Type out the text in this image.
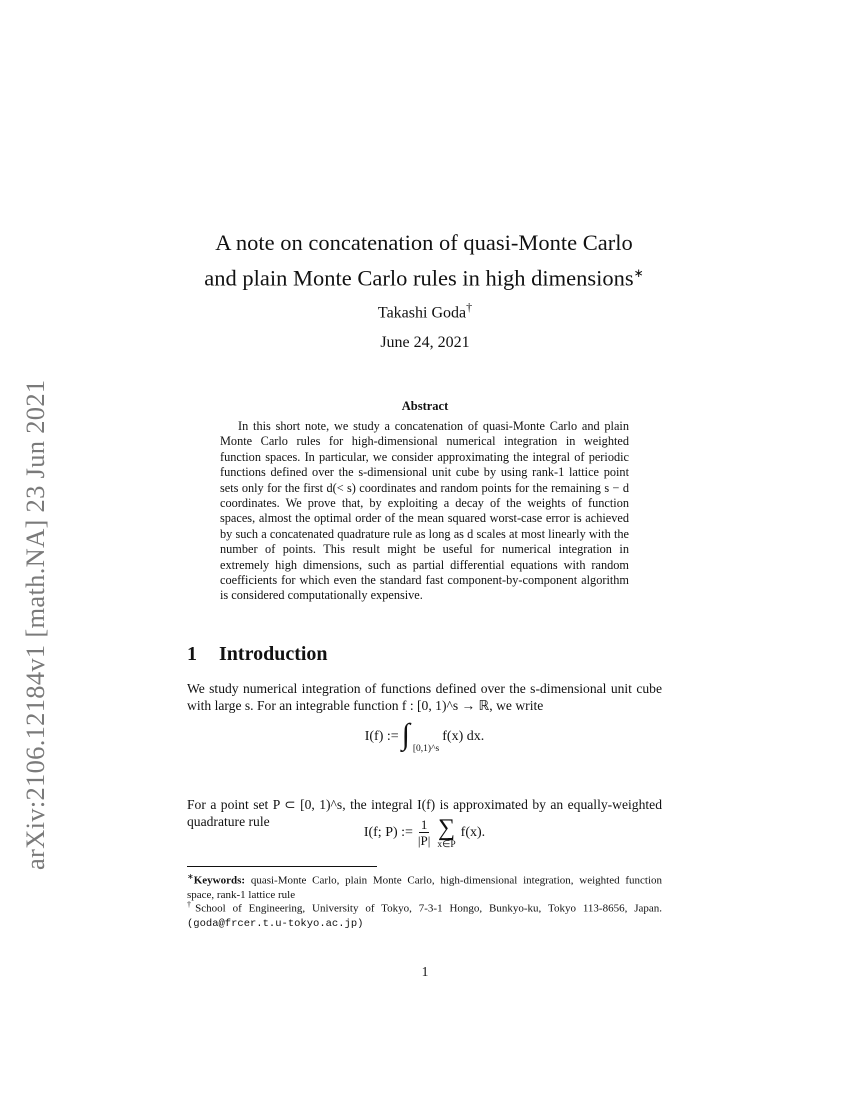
arXiv:2106.12184v1 [math.NA] 23 Jun 2021
A note on concatenation of quasi-Monte Carlo
and plain Monte Carlo rules in high dimensions∗
Takashi Goda†
June 24, 2021
Abstract
In this short note, we study a concatenation of quasi-Monte Carlo and plain Monte Carlo rules for high-dimensional numerical integration in weighted function spaces. In particular, we consider approximating the integral of periodic functions defined over the s-dimensional unit cube by using rank-1 lattice point sets only for the first d(< s) coordinates and random points for the remaining s − d coordinates. We prove that, by exploiting a decay of the weights of function spaces, almost the optimal order of the mean squared worst-case error is achieved by such a concatenated quadrature rule as long as d scales at most linearly with the number of points. This result might be useful for numerical integration in extremely high dimensions, such as partial differential equations with random coefficients for which even the standard fast component-by-component algorithm is considered computationally expensive.
1 Introduction
We study numerical integration of functions defined over the s-dimensional unit cube with large s. For an integrable function f : [0, 1)^s → ℝ, we write
I(f) := ∫ [0,1)^s
f(x) dx.
For a point set P ⊂ [0, 1)^s, the integral I(f) is approximated by an equally-weighted quadrature rule
I(f; P) := $\frac{1}{|P|}$ ∑
x∈P
f(x).
∗Keywords: quasi-Monte Carlo, plain Monte Carlo, high-dimensional integration, weighted function space, rank-1 lattice rule
†School of Engineering, University of Tokyo, 7-3-1 Hongo, Bunkyo-ku, Tokyo 113-8656, Japan. (goda@frcer.t.u-tokyo.ac.jp)
1
